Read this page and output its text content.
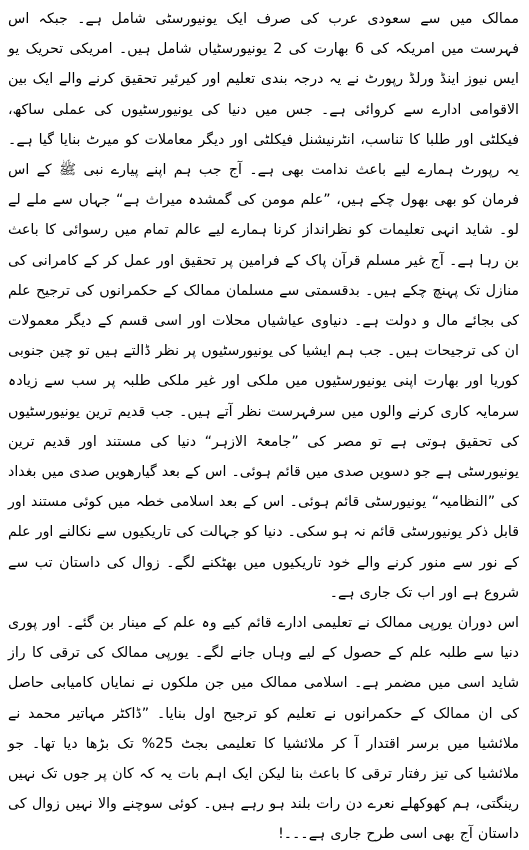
ممالک میں سے سعودی عرب کی صرف ایک یونیورسٹی شامل ہے۔ جبکہ اس فہرست میں امریکہ کی 6 بھارت کی 2 یونیورسٹیاں شامل ہیں۔ امریکی تحریک یو ایس نیوز اینڈ ورلڈ رپورٹ نے یہ درجہ بندی تعلیم اور کیرئیر تحقیق کرنے والے ایک بین الاقوامی ادارے سے کروائی ہے۔ جس میں دنیا کی یونیورسٹیوں کی عملی ساکھ، فیکلٹی اور طلبا کا تناسب، انٹرنیشنل فیکلٹی اور دیگر معاملات کو میرٹ بنایا گیا ہے۔ یہ رپورٹ ہمارے لیے باعث ندامت بھی ہے۔ آج جب ہم اپنے پیارے نبی ﷺ کے اس فرمان کو بھی بھول چکے ہیں، ”علم مومن کی گمشدہ میراث ہے“ جہاں سے ملے لے لو۔ شاید انہی تعلیمات کو نظرانداز کرنا ہمارے لیے عالم تمام میں رسوائی کا باعث بن رہا ہے۔ آج غیر مسلم قرآن پاک کے فرامین پر تحقیق اور عمل کر کے کامرانی کی منازل تک پہنچ چکے ہیں۔ بدقسمتی سے مسلمان ممالک کے حکمرانوں کی ترجیح علم کی بجائے مال و دولت ہے۔ دنیاوی عیاشیاں محلات اور اسی قسم کے دیگر معمولات ان کی ترجیحات ہیں۔ جب ہم ایشیا کی یونیورسٹیوں پر نظر ڈالتے ہیں تو چین جنوبی کوریا اور بھارت اپنی یونیورسٹیوں میں ملکی اور غیر ملکی طلبہ پر سب سے زیادہ سرمایہ کاری کرنے والوں میں سرفہرست نظر آتے ہیں۔ جب قدیم ترین یونیورسٹیوں کی تحقیق ہوتی ہے تو مصر کی ”جامعۃ الازہر“ دنیا کی مستند اور قدیم ترین یونیورسٹی ہے جو دسویں صدی میں قائم ہوئی۔ اس کے بعد گیارھویں صدی میں بغداد کی ”النظامیہ“ یونیورسٹی قائم ہوئی۔ اس کے بعد اسلامی خطہ میں کوئی مستند اور قابل ذکر یونیورسٹی قائم نہ ہو سکی۔ دنیا کو جہالت کی تاریکیوں سے نکالنے اور علم کے نور سے منور کرنے والے خود تاریکیوں میں بھٹکنے لگے۔ زوال کی داستان تب سے شروع ہے اور اب تک جاری ہے۔

اس دوران یورپی ممالک نے تعلیمی ادارے قائم کیے وہ علم کے مینار بن گئے۔ اور پوری دنیا سے طلبہ علم کے حصول کے لیے وہاں جانے لگے۔ یورپی ممالک کی ترقی کا راز شاید اسی میں مضمر ہے۔ اسلامی ممالک میں جن ملکوں نے نمایاں کامیابی حاصل کی ان ممالک کے حکمرانوں نے تعلیم کو ترجیح اول بنایا۔ ”ڈاکٹر مہاتیر محمد نے ملائشیا میں برسر اقتدار آ کر ملائشیا کا تعلیمی بجٹ 25% تک بڑھا دیا تھا۔ جو ملائشیا کی تیز رفتار ترقی کا باعث بنا لیکن ایک اہم بات یہ کہ کان پر جوں تک نہیں رینگتی، ہم کھوکھلے نعرے دن رات بلند ہو رہے ہیں۔ کوئی سوچنے والا نہیں زوال کی داستان آج بھی اسی طرح جاری ہے۔۔۔!
